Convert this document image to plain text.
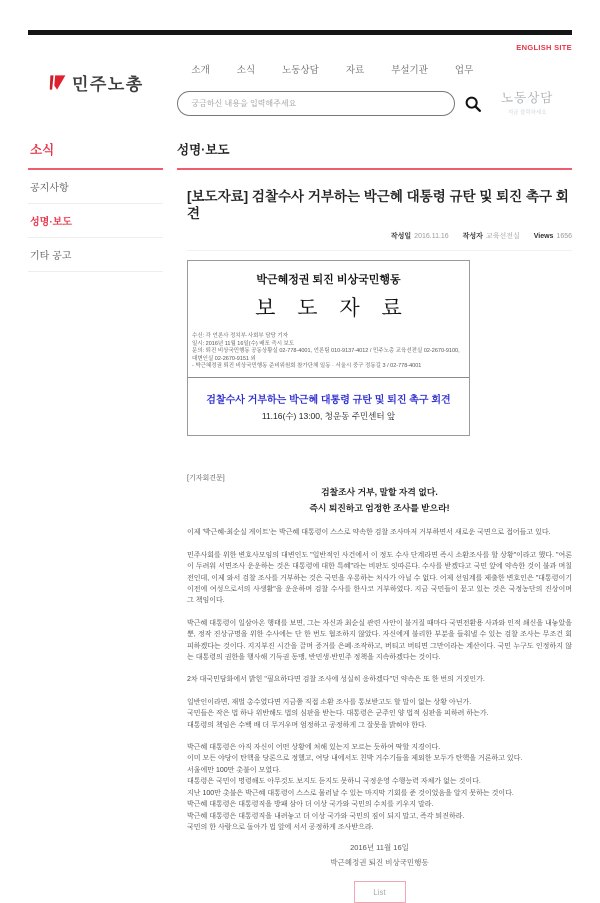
ENGLISH SITE
민주노총
소개	소식	노동상담	자료	부설기관	업무
궁금하신 내용을 입력해주세요
노동상담
지금 클릭하세요
소식
공지사항
성명·보도
기타 공고
성명·보도
[보도자료] 검찰수사 거부하는 박근혜 대통령 규탄 및 퇴진 촉구 회견
작성일 2016.11.16 작성자 교육선전실 Views 1656
박근혜정권 퇴진 비상국민행동
보 도 자 료
수신: 각 언론사 정치부·사회부 담당 기자
일시: 2016년 11월 16일(수) 배포 즉시 보도
문의: 퇴진 비상국민행동 공동상황실 02-778-4001, 언론팀 010-9137-4012 / 민주노총 교육선전실 02-2670-9100, 대변인실 02-2670-9151 외
- 박근혜정권 퇴진 비상국민행동 준비위원회 참가단체 일동 · 서울시 중구 정동길 3 / 02-778-4001
검찰수사 거부하는 박근혜 대통령 규탄 및 퇴진 촉구 회견
11.16(수) 13:00, 청운동 주민센터 앞
[기자회견문]
검찰조사 거부, 말할 자격 없다.
즉시 퇴진하고 엄정한 조사를 받으라!

이제 '박근혜-최순실 게이트'는 박근혜 대통령이 스스로 약속한 검찰 조사마저 거부하면서 새로운 국면으로 접어들고 있다.

민주사회를 위한 변호사모임의 대변인도 "일반적인 사건에서 이 정도 수사 단계라면 즉시 소환조사를 할 상황"이라고 했다. "여론이 두려워 서면조사 운운하는 것은 대통령에 대한 특혜"라는 비판도 잇따른다. 수사를 받겠다고 국민 앞에 약속한 것이 불과 며칠 전인데, 이제 와서 검찰 조사를 거부하는 것은 국민을 우롱하는 처사가 아닐 수 없다. 어제 선임계를 제출한 변호인은 "대통령이기 이전에 여성으로서의 사생활"을 운운하며 검찰 수사를 한사코 거부하였다. 지금 국민들이 묻고 있는 것은 국정농단의 진상이며 그 책임이다.

박근혜 대통령이 일삼아온 행태를 보면, 그는 자신과 최순실 관련 사안이 불거질 때마다 국면전환용 사과와 인적 쇄신을 내놓았을 뿐, 정작 진상규명을 위한 수사에는 단 한 번도 협조하지 않았다. 자신에게 불리한 부분을 들춰낼 수 있는 검찰 조사는 무조건 회피하겠다는 것이다. 지지부진 시간을 끌며 증거를 은폐·조작하고, 버티고 버티면 그만이라는 계산이다. 국민 누구도 인정하지 않는 대통령의 권한을 행사해 기득권 동맹, 반민생·반민주 정책을 지속하겠다는 것이다.

2차 대국민담화에서 밝힌 "필요하다면 검찰 조사에 성실히 응하겠다"던 약속은 또 한 번의 거짓인가.

일반인이라면, 재벌 총수였다면 지금쯤 직접 소환 조사를 통보받고도 할 말이 없는 상황 아닌가.
국민들은 작은 법 하나 위반해도 법의 심판을 받는다. 대통령은 군주인 양 법적 심판을 피하려 하는가.
대통령의 책임은 수백 배 더 무거우며 엄정하고 공정하게 그 잘못을 밝혀야 한다.
박근혜 대통령은 아직 자신이 어떤 상황에 처해 있는지 모르는 듯하여 딱할 지경이다.
이미 모든 야당이 탄핵을 당론으로 정했고, 여당 내에서도 친박 거수기들을 제외한 모두가 탄핵을 거론하고 있다.
서울에만 100만 촛불이 모였다.
대통령은 국민이 명령해도 아무것도 보지도 듣지도 못하니 국정운영 수행능력 자체가 없는 것이다.
지난 100만 촛불은 박근혜 대통령이 스스로 물러날 수 있는 마지막 기회를 준 것이었음을 알지 못하는 것이다.
박근혜 대통령은 대통령직을 방패 삼아 더 이상 국가와 국민의 수치를 키우지 말라.
박근혜 대통령은 대통령직을 내려놓고 더 이상 국가와 국민의 짐이 되지 말고, 즉각 퇴진하라.
국민의 한 사람으로 돌아가 법 앞에 서서 공정하게 조사받으라.
2016년 11월 16일
박근혜정권 퇴진 비상국민행동
List
